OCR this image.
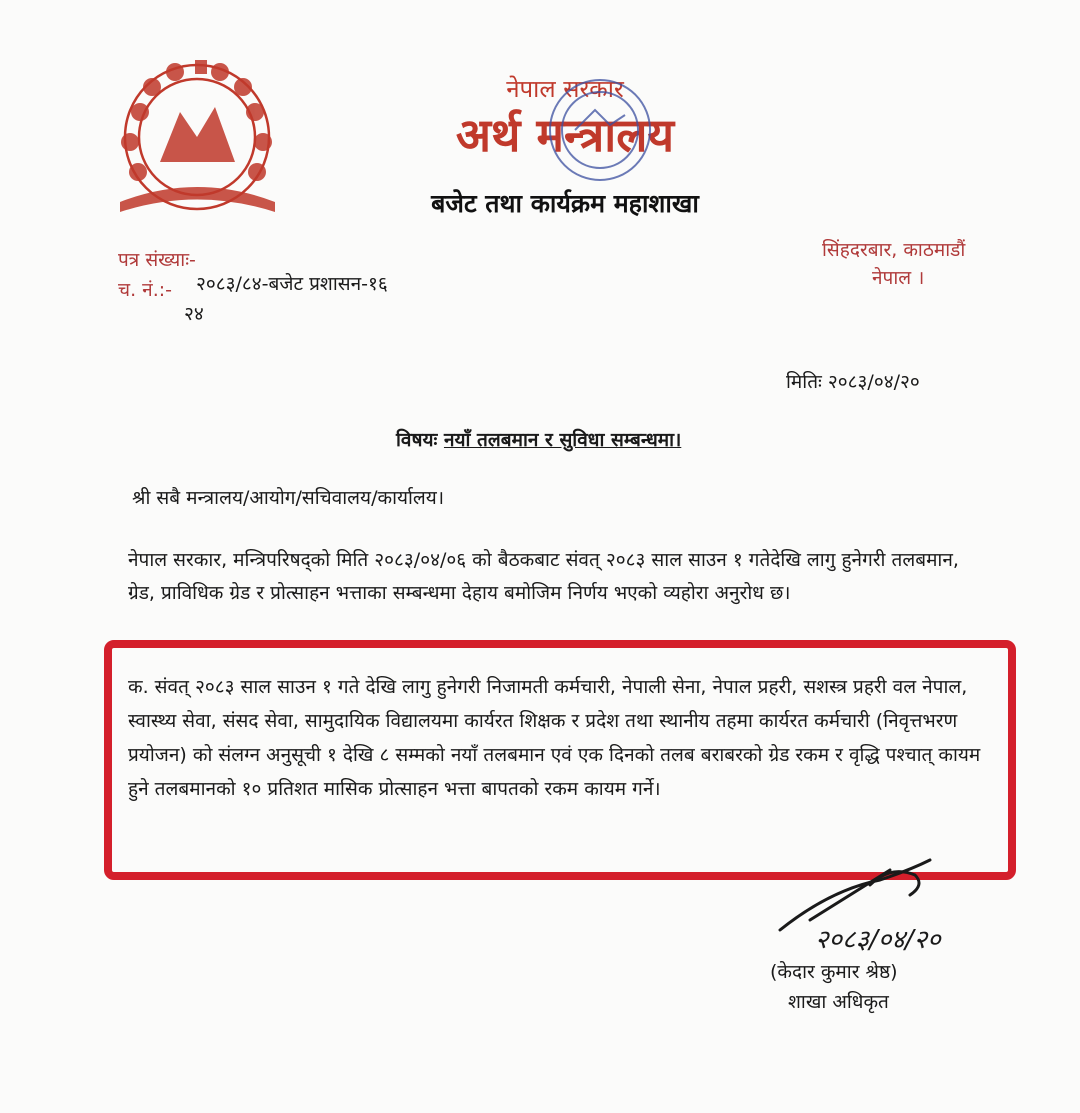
नेपाल सरकार
अर्थ मन्त्रालय
बजेट तथा कार्यक्रम महाशाखा
पत्र संख्याः-
२०८३/८४-बजेट प्रशासन-१६
च. नं.:-
२४
सिंहदरबार, काठमाडौं
नेपाल ।
मितिः २०८३/०४/२०
विषयः नयाँ तलबमान र सुविधा सम्बन्धमा।
श्री सबै मन्त्रालय/आयोग/सचिवालय/कार्यालय।
नेपाल सरकार, मन्त्रिपरिषद्को मिति २०८३/०४/०६ को बैठकबाट संवत् २०८३ साल साउन १ गतेदेखि लागु हुनेगरी तलबमान, ग्रेड, प्राविधिक ग्रेड र प्रोत्साहन भत्ताका सम्बन्धमा देहाय बमोजिम निर्णय भएको व्यहोरा अनुरोध छ।
क. संवत् २०८३ साल साउन १ गते देखि लागु हुनेगरी निजामती कर्मचारी, नेपाली सेना, नेपाल प्रहरी, सशस्त्र प्रहरी वल नेपाल, स्वास्थ्य सेवा, संसद सेवा, सामुदायिक विद्यालयमा कार्यरत शिक्षक र प्रदेश तथा स्थानीय तहमा कार्यरत कर्मचारी (निवृत्तभरण प्रयोजन) को संलग्न अनुसूची १ देखि ८ सम्मको नयाँ तलबमान एवं एक दिनको तलब बराबरको ग्रेड रकम र वृद्धि पश्चात् कायम हुने तलबमानको १० प्रतिशत मासिक प्रोत्साहन भत्ता बापतको रकम कायम गर्ने।
२०८३/०४/२०
(केदार कुमार श्रेष्ठ)
शाखा अधिकृत
